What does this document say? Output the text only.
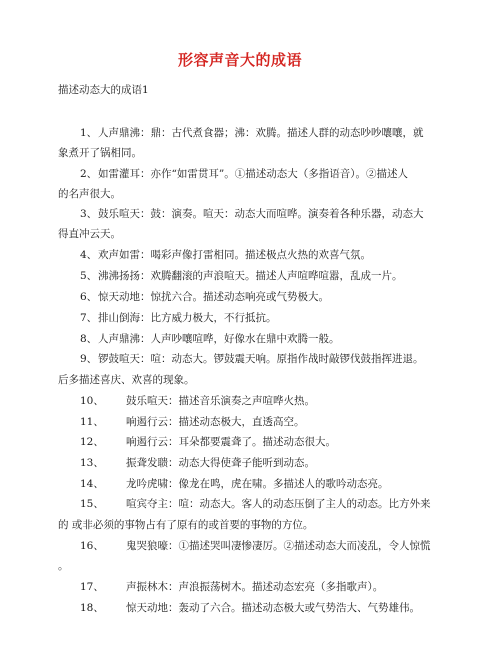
形容声音大的成语
描述动态大的成语1
1、人声鼎沸：鼎：古代煮食器；沸：欢腾。描述人群的动态吵吵嚷嚷，就
象煮开了锅相同。
2、如雷灌耳：亦作“如雷贯耳”。①描述动态大（多指语音）。②描述人
的名声很大。
3、鼓乐喧天：鼓：演奏。喧天：动态大而喧哗。演奏着各种乐器，动态大
得直冲云天。
4、欢声如雷：喝彩声像打雷相同。描述极点火热的欢喜气氛。
5、沸沸扬扬：欢腾翻滚的声浪喧天。描述人声喧哗喧嚣，乱成一片。
6、惊天动地：惊扰六合。描述动态响亮或气势极大。
7、排山倒海：比方威力极大，不行抵抗。
8、人声鼎沸：人声吵嚷喧哗，好像水在鼎中欢腾一般。
9、锣鼓喧天：喧：动态大。锣鼓震天响。原指作战时敲锣伐鼓指挥进退。
后多描述喜庆、欢喜的现象。
10、 鼓乐喧天：描述音乐演奏之声喧哗火热。
11、 响遏行云：描述动态极大，直透高空。
12、 响遏行云：耳朵都要震聋了。描述动态很大。
13、 振聋发聩：动态大得使聋子能听到动态。
14、 龙吟虎啸：像龙在鸣，虎在啸。多描述人的歌吟动态亮。
15、 喧宾夺主：喧：动态大。客人的动态压倒了主人的动态。比方外来
的 或非必须的事物占有了原有的或首要的事物的方位。
16、 鬼哭狼嚎：①描述哭叫凄惨凄厉。②描述动态大而凌乱，令人惊慌
。
17、 声振林木：声浪振荡树木。描述动态宏亮（多指歌声）。
18、 惊天动地：轰动了六合。描述动态极大或气势浩大、气势雄伟。
